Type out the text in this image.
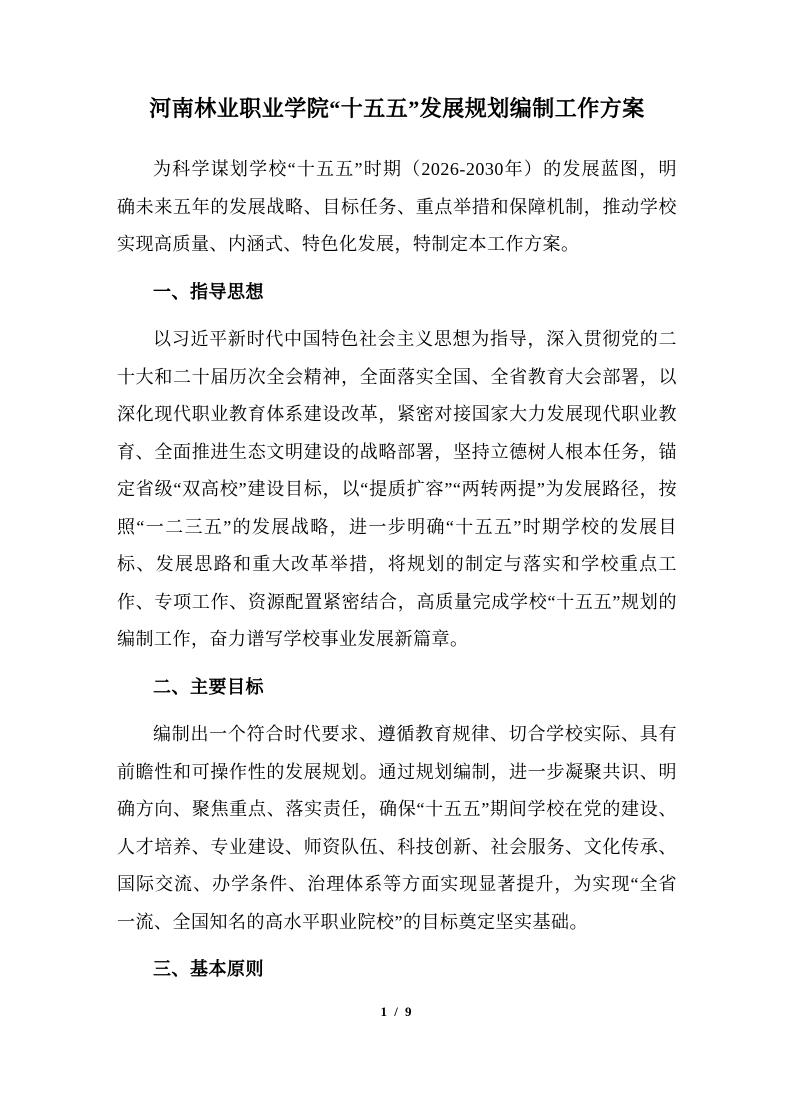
河南林业职业学院“十五五”发展规划编制工作方案

为科学谋划学校“十五五”时期（2026-2030年）的发展蓝图，明确未来五年的发展战略、目标任务、重点举措和保障机制，推动学校实现高质量、内涵式、特色化发展，特制定本工作方案。

一、指导思想

以习近平新时代中国特色社会主义思想为指导，深入贯彻党的二十大和二十届历次全会精神，全面落实全国、全省教育大会部署，以深化现代职业教育体系建设改革，紧密对接国家大力发展现代职业教育、全面推进生态文明建设的战略部署，坚持立德树人根本任务，锚定省级“双高校”建设目标，以“提质扩容”“两转两提”为发展路径，按照“一二三五”的发展战略，进一步明确“十五五”时期学校的发展目标、发展思路和重大改革举措，将规划的制定与落实和学校重点工作、专项工作、资源配置紧密结合，高质量完成学校“十五五”规划的编制工作，奋力谱写学校事业发展新篇章。

二、主要目标

编制出一个符合时代要求、遵循教育规律、切合学校实际、具有前瞻性和可操作性的发展规划。通过规划编制，进一步凝聚共识、明确方向、聚焦重点、落实责任，确保“十五五”期间学校在党的建设、人才培养、专业建设、师资队伍、科技创新、社会服务、文化传承、国际交流、办学条件、治理体系等方面实现显著提升，为实现“全省一流、全国知名的高水平职业院校”的目标奠定坚实基础。

三、基本原则
1 / 9
